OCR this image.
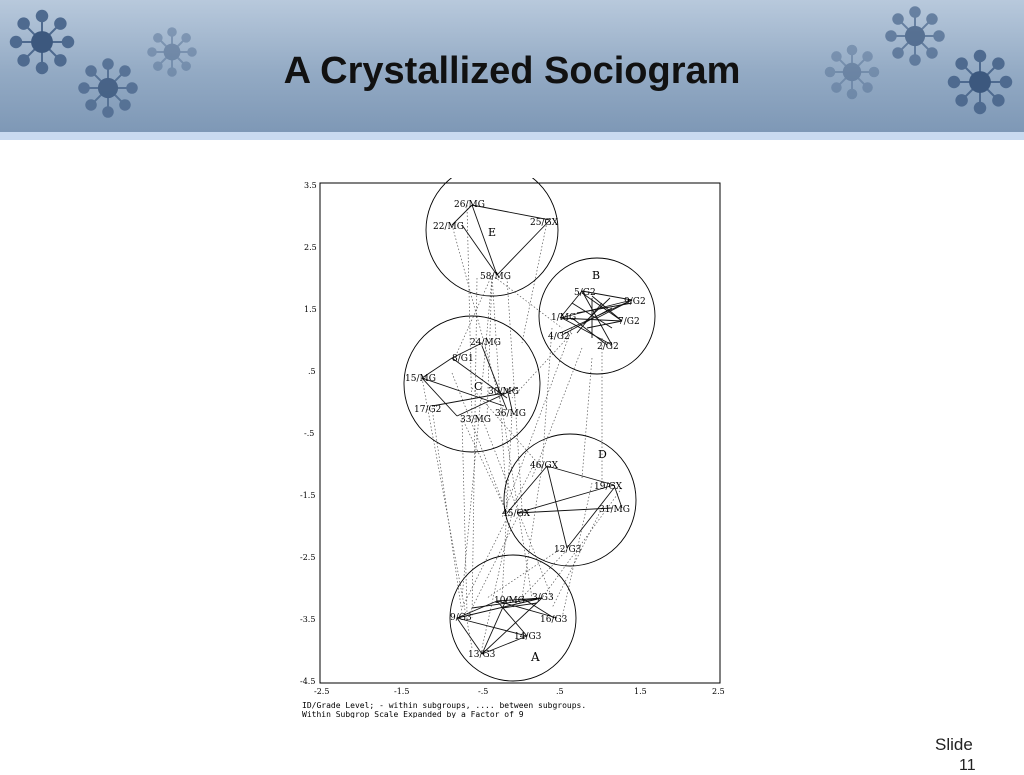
A Crystallized Sociogram
3.5
2.5
1.5
.5
-.5
-1.5
-2.5
-3.5
-4.5
-2.5	-1.5	-.5	.5	1.5	2.5
E
26/MG
22/MG	25/GX
58/MG	B
5/G2
9/G2
1/MG	7/G2
4/G2
2/G2
C
24/MG
8/G1
15/MG
30/MG
17/G2
33/MG
36/MG
D
46/GX
19/GX
45/GX	31/MG
12/G3
A
10/MG 3/G3
9/G3	16/G3
14/G3
13/G3
ID/Grade Level; - within subgroups, .... between subgroups.
Within Subgrop Scale Expanded by a Factor of 9
Slide
11
